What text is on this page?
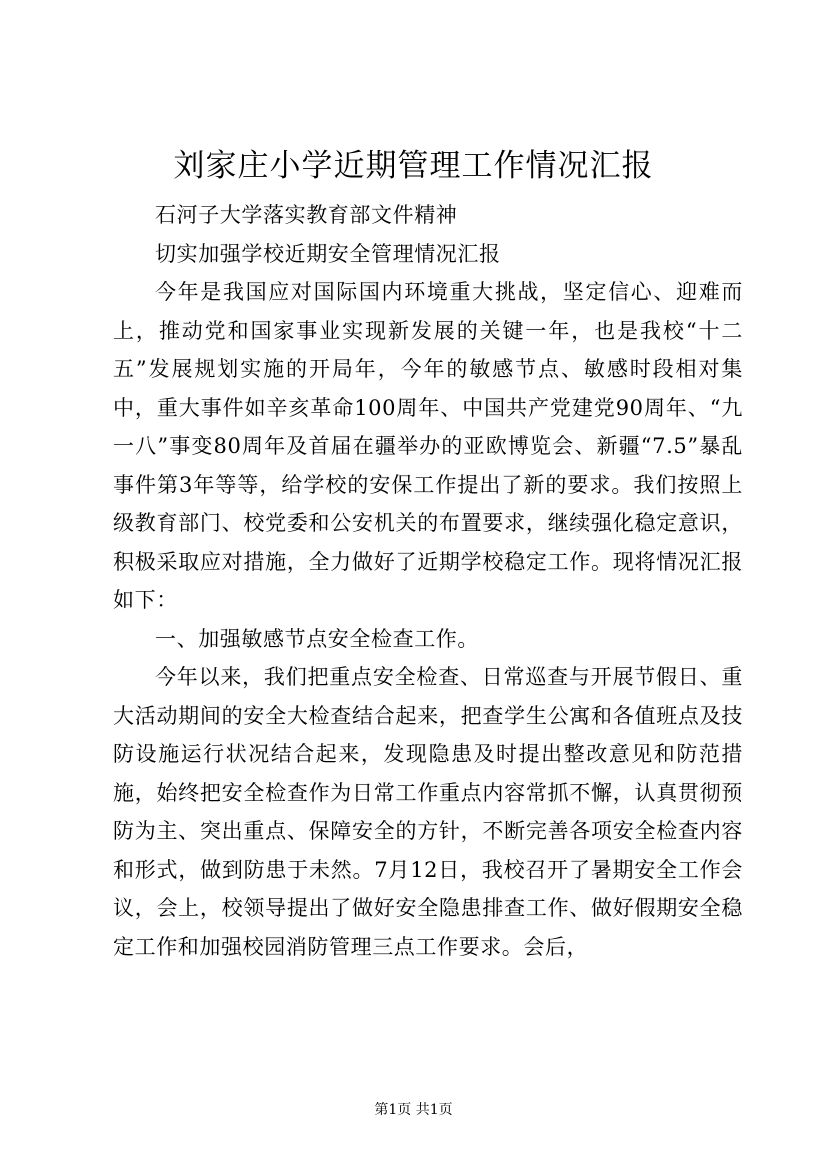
刘家庄小学近期管理工作情况汇报

石河子大学落实教育部文件精神

切实加强学校近期安全管理情况汇报

今年是我国应对国际国内环境重大挑战，坚定信心、迎难而上，推动党和国家事业实现新发展的关键一年，也是我校“十二五”发展规划实施的开局年，今年的敏感节点、敏感时段相对集中，重大事件如辛亥革命100周年、中国共产党建党90周年、“九一八”事变80周年及首届在疆举办的亚欧博览会、新疆“7.5”暴乱事件第3年等等，给学校的安保工作提出了新的要求。我们按照上级教育部门、校党委和公安机关的布置要求，继续强化稳定意识，积极采取应对措施，全力做好了近期学校稳定工作。现将情况汇报如下：

一、加强敏感节点安全检查工作。

今年以来，我们把重点安全检查、日常巡查与开展节假日、重大活动期间的安全大检查结合起来，把查学生公寓和各值班点及技防设施运行状况结合起来，发现隐患及时提出整改意见和防范措施，始终把安全检查作为日常工作重点内容常抓不懈，认真贯彻预防为主、突出重点、保障安全的方针，不断完善各项安全检查内容和形式，做到防患于未然。7月12日，我校召开了暑期安全工作会议，会上，校领导提出了做好安全隐患排查工作、做好假期安全稳定工作和加强校园消防管理三点工作要求。会后，

第1页 共1页
